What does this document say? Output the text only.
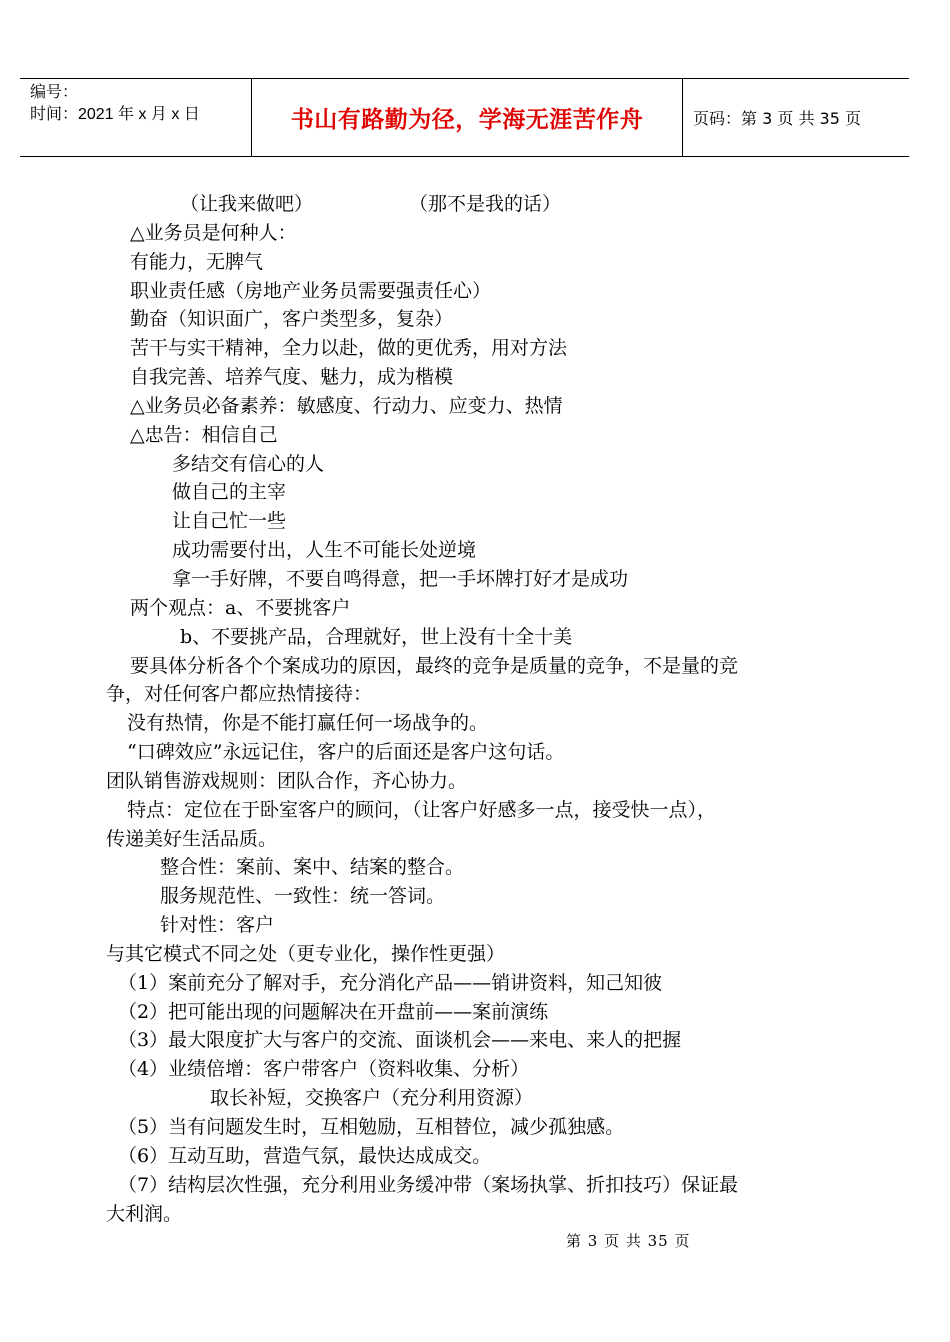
编号：
时间：2021 年 x 月 x 日	书山有路勤为径，学海无涯苦作舟	页码：第 3 页 共 35 页
（让我来做吧）	（那不是我的话）
△业务员是何种人：
有能力，无脾气
职业责任感（房地产业务员需要强责任心）
勤奋（知识面广，客户类型多，复杂）
苦干与实干精神，全力以赴，做的更优秀，用对方法
自我完善、培养气度、魅力，成为楷模
△业务员必备素养：敏感度、行动力、应变力、热情
△忠告：相信自己
多结交有信心的人
做自己的主宰
让自己忙一些
成功需要付出，人生不可能长处逆境
拿一手好牌，不要自鸣得意，把一手坏牌打好才是成功
两个观点：a、不要挑客户
b、不要挑产品，合理就好，世上没有十全十美
要具体分析各个个案成功的原因，最终的竞争是质量的竞争，不是量的竞
争，对任何客户都应热情接待：
没有热情，你是不能打赢任何一场战争的。
“口碑效应”永远记住，客户的后面还是客户这句话。
团队销售游戏规则：团队合作，齐心协力。
特点：定位在于卧室客户的顾问，（让客户好感多一点，接受快一点），
传递美好生活品质。
整合性：案前、案中、结案的整合。
服务规范性、一致性：统一答词。
针对性：客户
与其它模式不同之处（更专业化，操作性更强）
（1）案前充分了解对手，充分消化产品——销讲资料，知己知彼
（2）把可能出现的问题解决在开盘前——案前演练
（3）最大限度扩大与客户的交流、面谈机会——来电、来人的把握
（4）业绩倍增：客户带客户（资料收集、分析）
取长补短，交换客户（充分利用资源）
（5）当有问题发生时，互相勉励，互相替位，减少孤独感。
（6）互动互助，营造气氛，最快达成成交。
（7）结构层次性强，充分利用业务缓冲带（案场执掌、折扣技巧）保证最
大利润。
第 3 页 共 35 页
